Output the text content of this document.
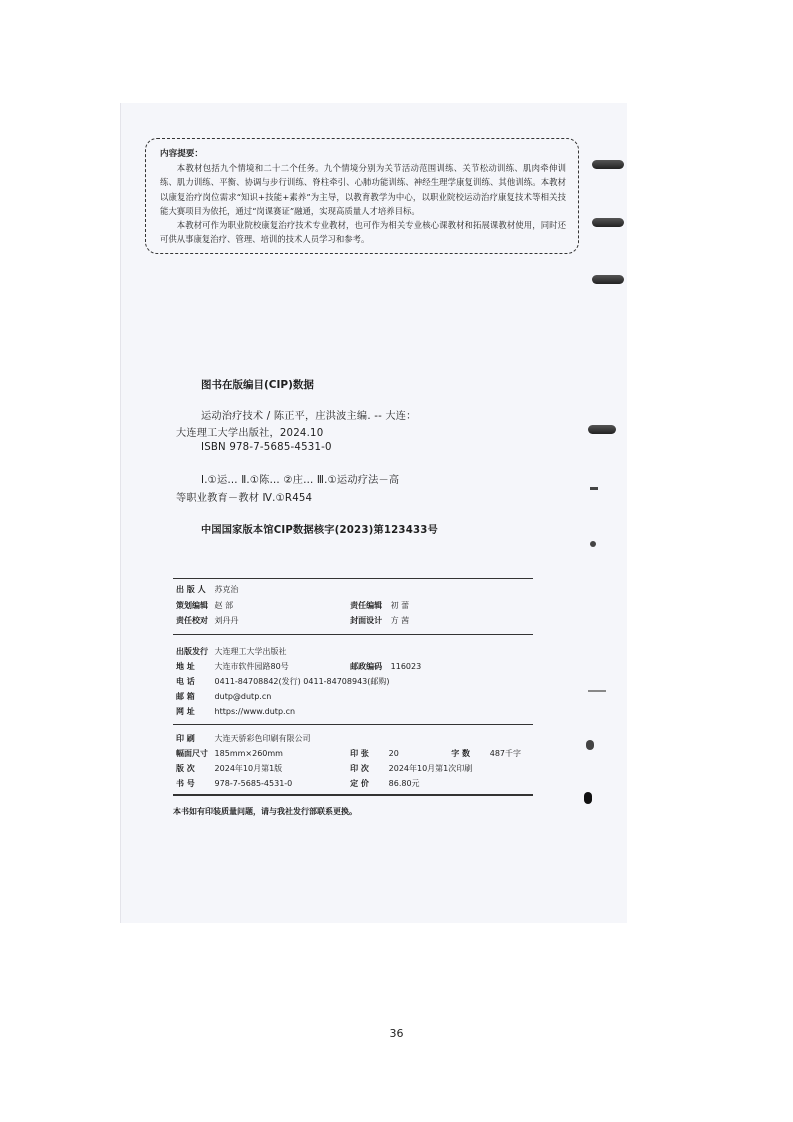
内容提要：

本教材包括九个情境和二十二个任务。九个情境分别为关节活动范围训练、关节松动训练、肌肉牵伸训练、肌力训练、平衡、协调与步行训练、脊柱牵引、心肺功能训练、神经生理学康复训练、其他训练。本教材以康复治疗岗位需求“知识+技能+素养”为主导，以教育教学为中心，以职业院校运动治疗康复技术等相关技能大赛项目为依托，通过“岗课赛证”融通，实现高质量人才培养目标。

本教材可作为职业院校康复治疗技术专业教材，也可作为相关专业核心课教材和拓展课教材使用，同时还可供从事康复治疗、管理、培训的技术人员学习和参考。

图书在版编目(CIP)数据
运动治疗技术 / 陈正平，庄洪波主编. -- 大连：
大连理工大学出版社，2024.10
ISBN 978-7-5685-4531-0
Ⅰ.①运… Ⅱ.①陈… ②庄… Ⅲ.①运动疗法－高
等职业教育－教材 Ⅳ.①R454
中国国家版本馆CIP数据核字(2023)第123433号
出 版 人 苏克治
策划编辑 赵 部	责任编辑 初 蕾
责任校对 刘丹丹	封面设计 方 茜
出版发行 大连理工大学出版社
地 址 大连市软件园路80号	邮政编码 116023
电 话 0411-84708842(发行) 0411-84708943(邮购)
邮 箱 dutp@dutp.cn
网 址 https://www.dutp.cn
印 刷 大连天骄彩色印刷有限公司
幅面尺寸 185mm×260mm	印 张 20	字 数 487千字
版 次 2024年10月第1版	印 次 2024年10月第1次印刷
书 号 978-7-5685-4531-0	定 价 86.80元
本书如有印装质量问题，请与我社发行部联系更换。
36
